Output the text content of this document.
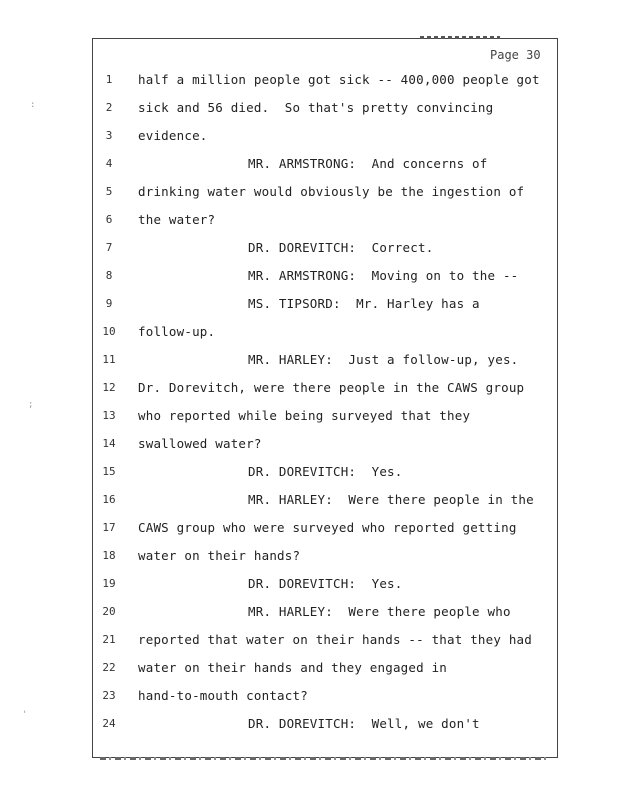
:
;
'
Page 30
1	half a million people got sick -- 400,000 people got
2	sick and 56 died.  So that's pretty convincing
3	evidence.
4	MR. ARMSTRONG:  And concerns of
5	drinking water would obviously be the ingestion of
6	the water?
7	DR. DOREVITCH:  Correct.
8	MR. ARMSTRONG:  Moving on to the --
9	MS. TIPSORD:  Mr. Harley has a
10 follow-up.
11	MR. HARLEY:  Just a follow-up, yes.
12 Dr. Dorevitch, were there people in the CAWS group
13 who reported while being surveyed that they
14 swallowed water?
15	DR. DOREVITCH:  Yes.
16	MR. HARLEY:  Were there people in the
17 CAWS group who were surveyed who reported getting
18 water on their hands?
19	DR. DOREVITCH:  Yes.
20	MR. HARLEY:  Were there people who
21 reported that water on their hands -- that they had
22 water on their hands and they engaged in
23 hand-to-mouth contact?
24	DR. DOREVITCH:  Well, we don't
